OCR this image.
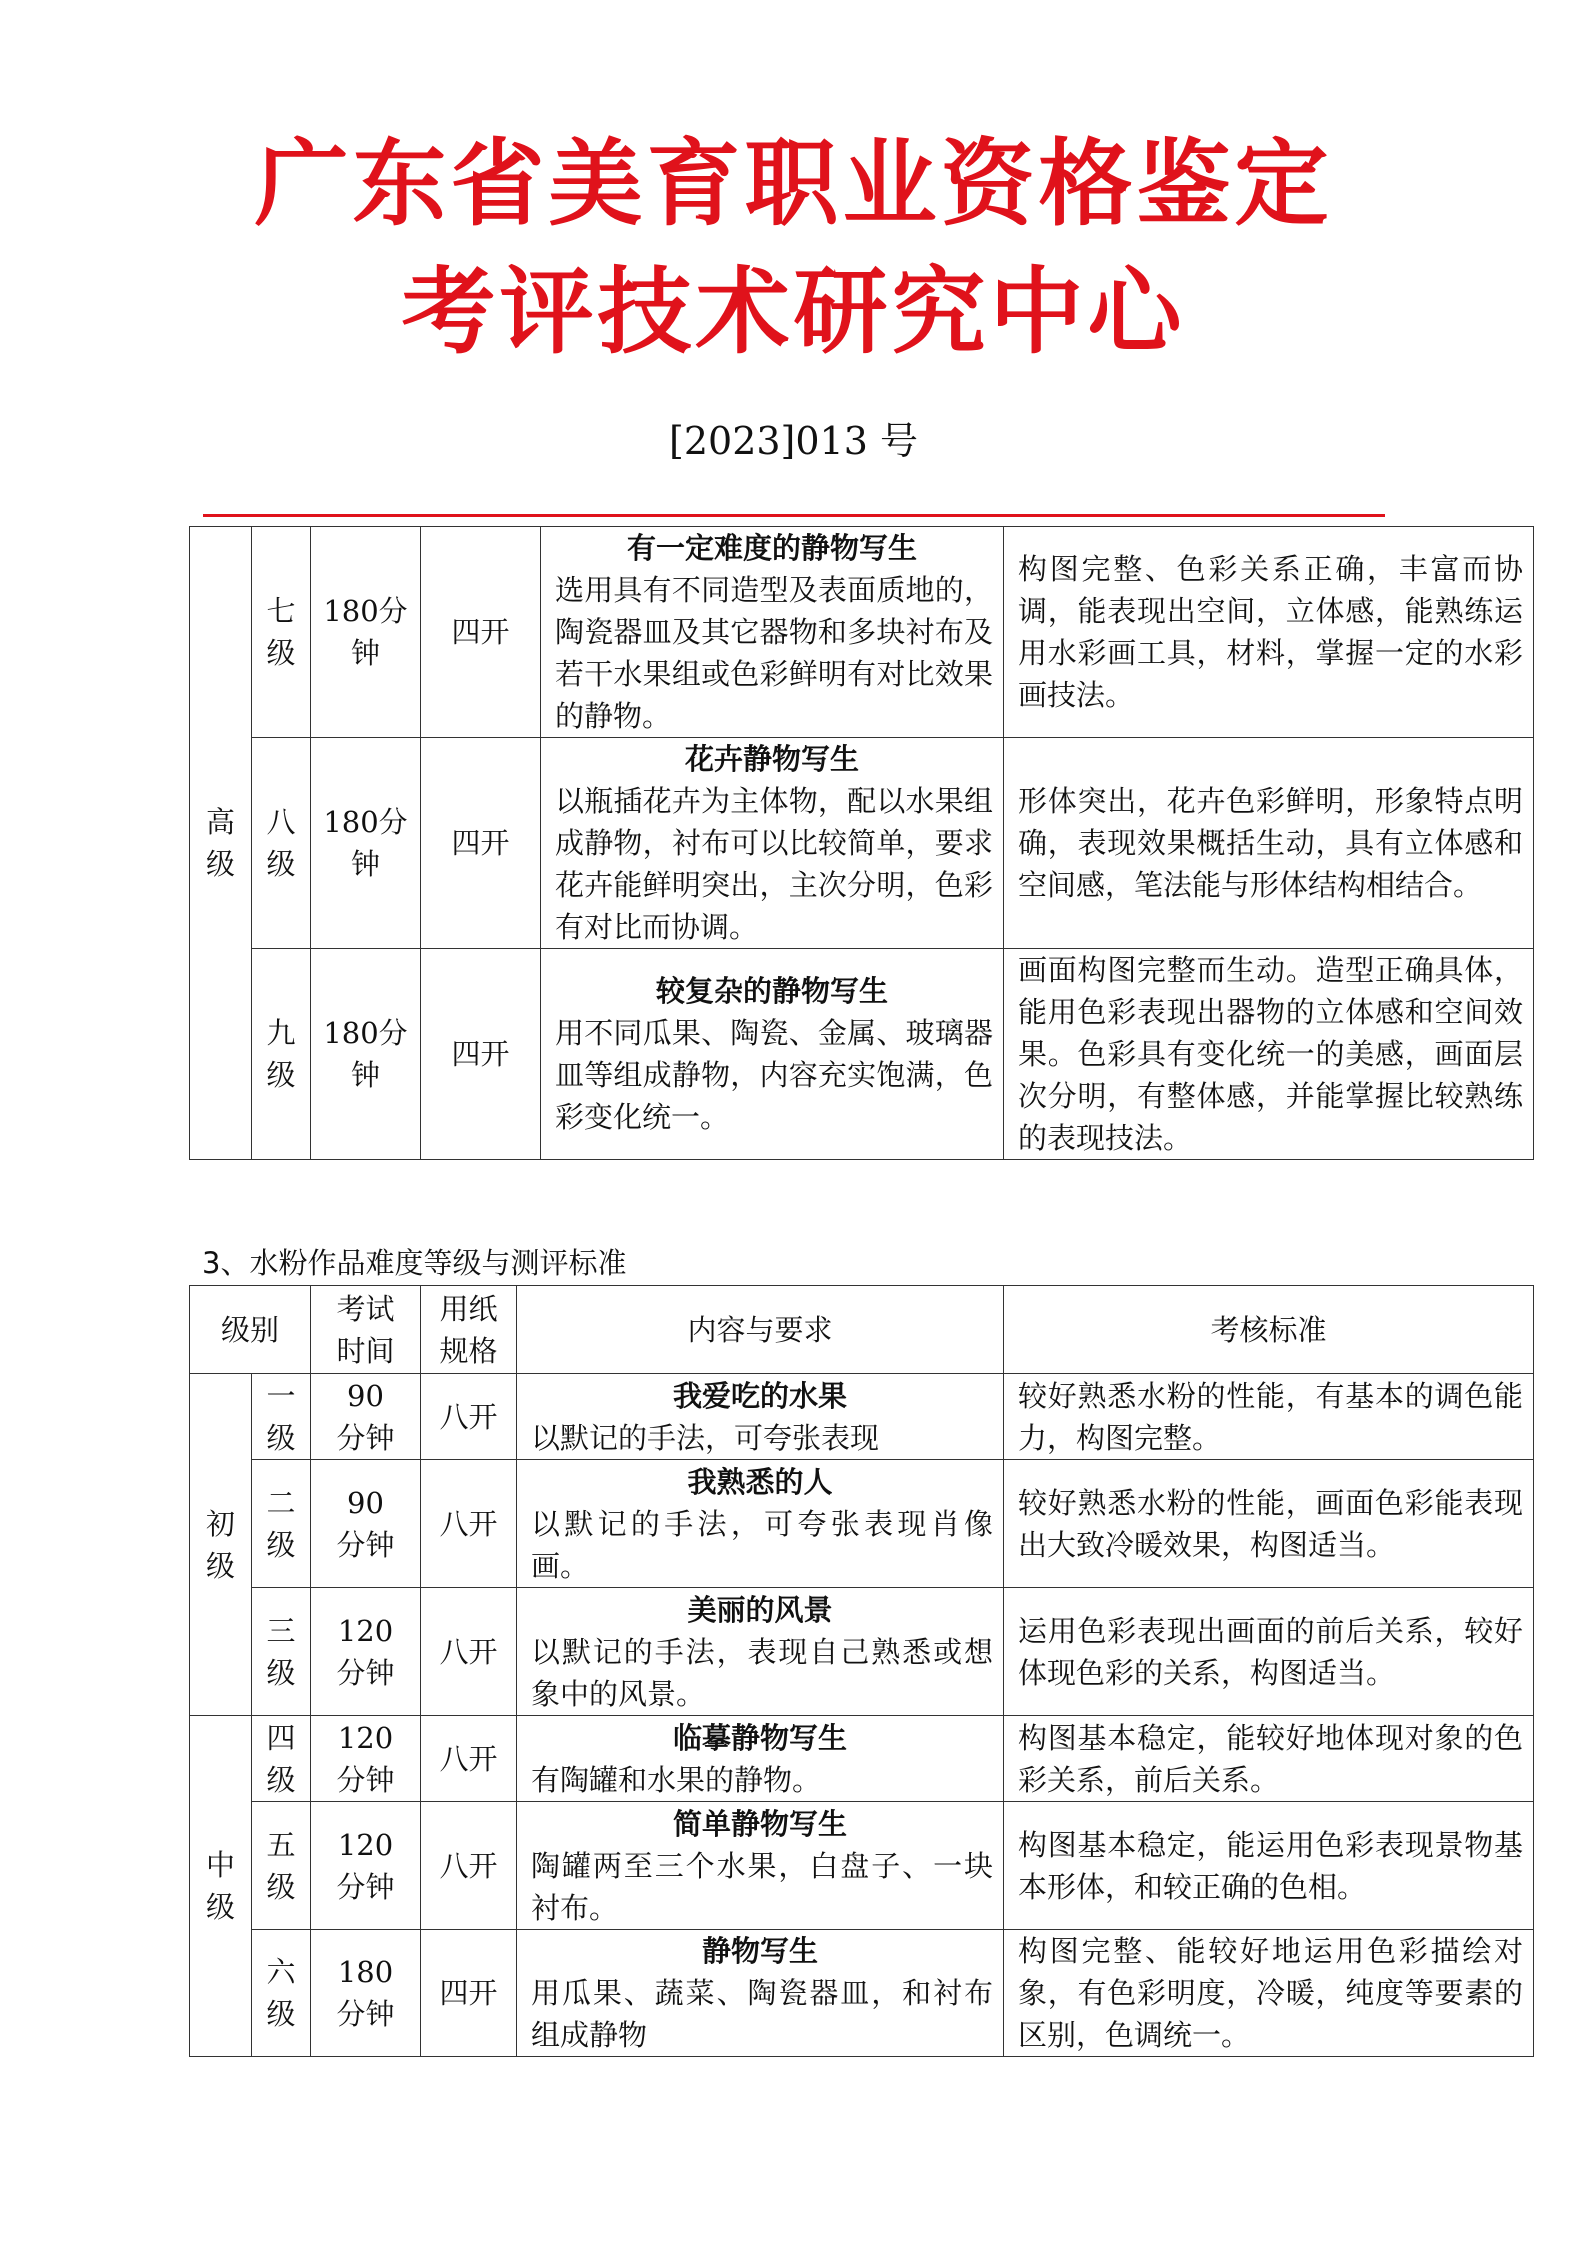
广东省美育职业资格鉴定
考评技术研究中心
[2023]013 号
高级	七级	180分钟	四开	有一定难度的静物写生
选用具有不同造型及表面质地的，陶瓷器皿及其它器物和多块衬布及若干水果组或色彩鲜明有对比效果的静物。	构图完整、色彩关系正确，丰富而协调，能表现出空间，立体感，能熟练运用水彩画工具，材料，掌握一定的水彩画技法。

	八级	180分钟	四开	花卉静物写生
以瓶插花卉为主体物，配以水果组成静物，衬布可以比较简单，要求花卉能鲜明突出，主次分明，色彩有对比而协调。	形体突出，花卉色彩鲜明，形象特点明确，表现效果概括生动，具有立体感和空间感，笔法能与形体结构相结合。

	九级	180分钟	四开	较复杂的静物写生
用不同瓜果、陶瓷、金属、玻璃器皿等组成静物，内容充实饱满，色彩变化统一。	画面构图完整而生动。造型正确具体，能用色彩表现出器物的立体感和空间效果。色彩具有变化统一的美感，画面层次分明，有整体感，并能掌握比较熟练的表现技法。
3、水粉作品难度等级与测评标准
级别		考试时间	用纸规格	内容与要求	考核标准
初级	一级	90分钟	八开	我爱吃的水果
以默记的手法，可夸张表现	较好熟悉水粉的性能，有基本的调色能力，构图完整。

	二级	90分钟	八开	我熟悉的人
以默记的手法，可夸张表现肖像画。	较好熟悉水粉的性能，画面色彩能表现出大致冷暖效果，构图适当。

	三级	120分钟	八开	美丽的风景
以默记的手法，表现自己熟悉或想象中的风景。	运用色彩表现出画面的前后关系，较好体现色彩的关系，构图适当。

中级	四级	120分钟	八开	临摹静物写生
有陶罐和水果的静物。	构图基本稳定，能较好地体现对象的色彩关系，前后关系。

	五级	120分钟	八开	简单静物写生
陶罐两至三个水果，白盘子、一块衬布。	构图基本稳定，能运用色彩表现景物基本形体，和较正确的色相。

	六级	180分钟	四开	静物写生
用瓜果、蔬菜、陶瓷器皿，和衬布组成静物	构图完整、能较好地运用色彩描绘对象，有色彩明度，冷暖，纯度等要素的区别，色调统一。
